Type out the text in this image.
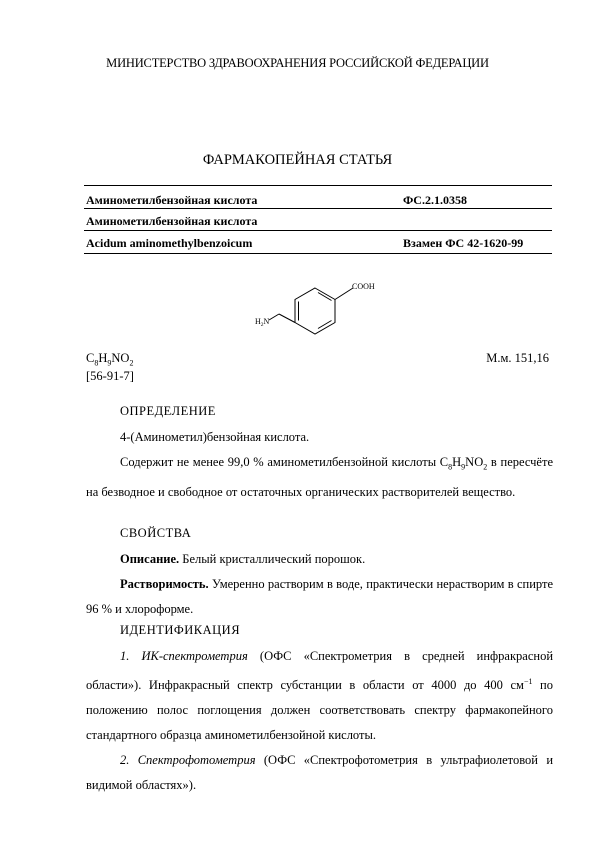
МИНИСТЕРСТВО ЗДРАВООХРАНЕНИЯ РОССИЙСКОЙ ФЕДЕРАЦИИ
ФАРМАКОПЕЙНАЯ СТАТЬЯ
Аминометилбензойная кислота	ФС.2.1.0358
Аминометилбензойная кислота
Acidum aminomethylbenzoicum	Взамен ФС 42-1620-99
COOH
$H_2N$
$C_8H_9NO_2$	М.м. 151,16
[56-91-7]
ОПРЕДЕЛЕНИЕ

4-(Аминометил)бензойная кислота.

Содержит не менее 99,0 % аминометилбензойной кислоты $C_8H_9NO_2$ в пересчёте на безводное и свободное от остаточных органических растворителей вещество.

СВОЙСТВА

Описание. Белый кристаллический порошок.

Растворимость. Умеренно растворим в воде, практически нерастворим в спирте 96 % и хлороформе.

ИДЕНТИФИКАЦИЯ

1. ИК-спектрометрия (ОФС «Спектрометрия в средней инфракрасной области»). Инфракрасный спектр субстанции в области от 4000 до 400 $см^{-1}$ по положению полос поглощения должен соответствовать спектру фармакопейного стандартного образца аминометилбензойной кислоты.

2. Спектрофотометрия (ОФС «Спектрофотометрия в ультрафиолетовой и видимой областях»).
